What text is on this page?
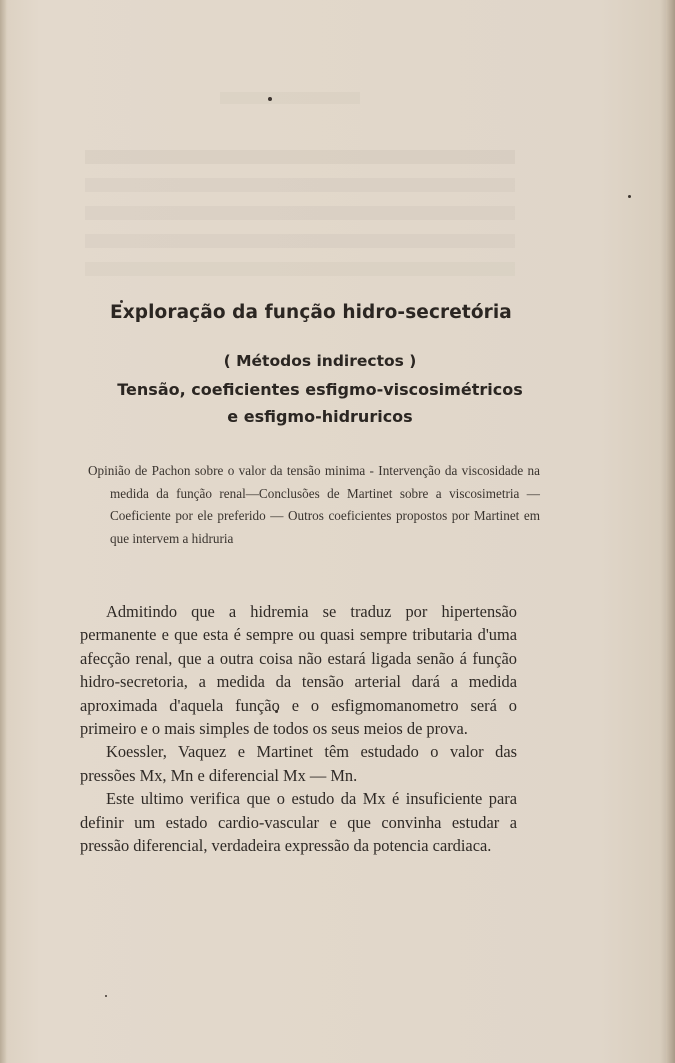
Exploração da função hidro-secretória
( Métodos indirectos )
Tensão, coeficientes esfigmo-viscosimétricos
e esfigmo-hidruricos
Opinião de Pachon sobre o valor da tensão minima - Intervenção da viscosidade na medida da função renal—Conclusões de Martinet sobre a viscosimetria — Coeficiente por ele preferido — Outros coeficientes propostos por Martinet em que intervem a hidruria

Admitindo que a hidremia se traduz por hipertensão permanente e que esta é sempre ou quasi sempre tributaria d'uma afecção renal, que a outra coisa não estará ligada senão á função hidro-secretoria, a medida da tensão arterial dará a medida aproximada d'aquela função e o esfigmomanometro será o primeiro e o mais simples de todos os seus meios de prova.

Koessler, Vaquez e Martinet têm estudado o valor das pressões Mx, Mn e diferencial Mx — Mn.

Este ultimo verifica que o estudo da Mx é insuficiente para definir um estado cardio-vascular e que convinha estudar a pressão diferencial, verdadeira expressão da potencia cardiaca.
